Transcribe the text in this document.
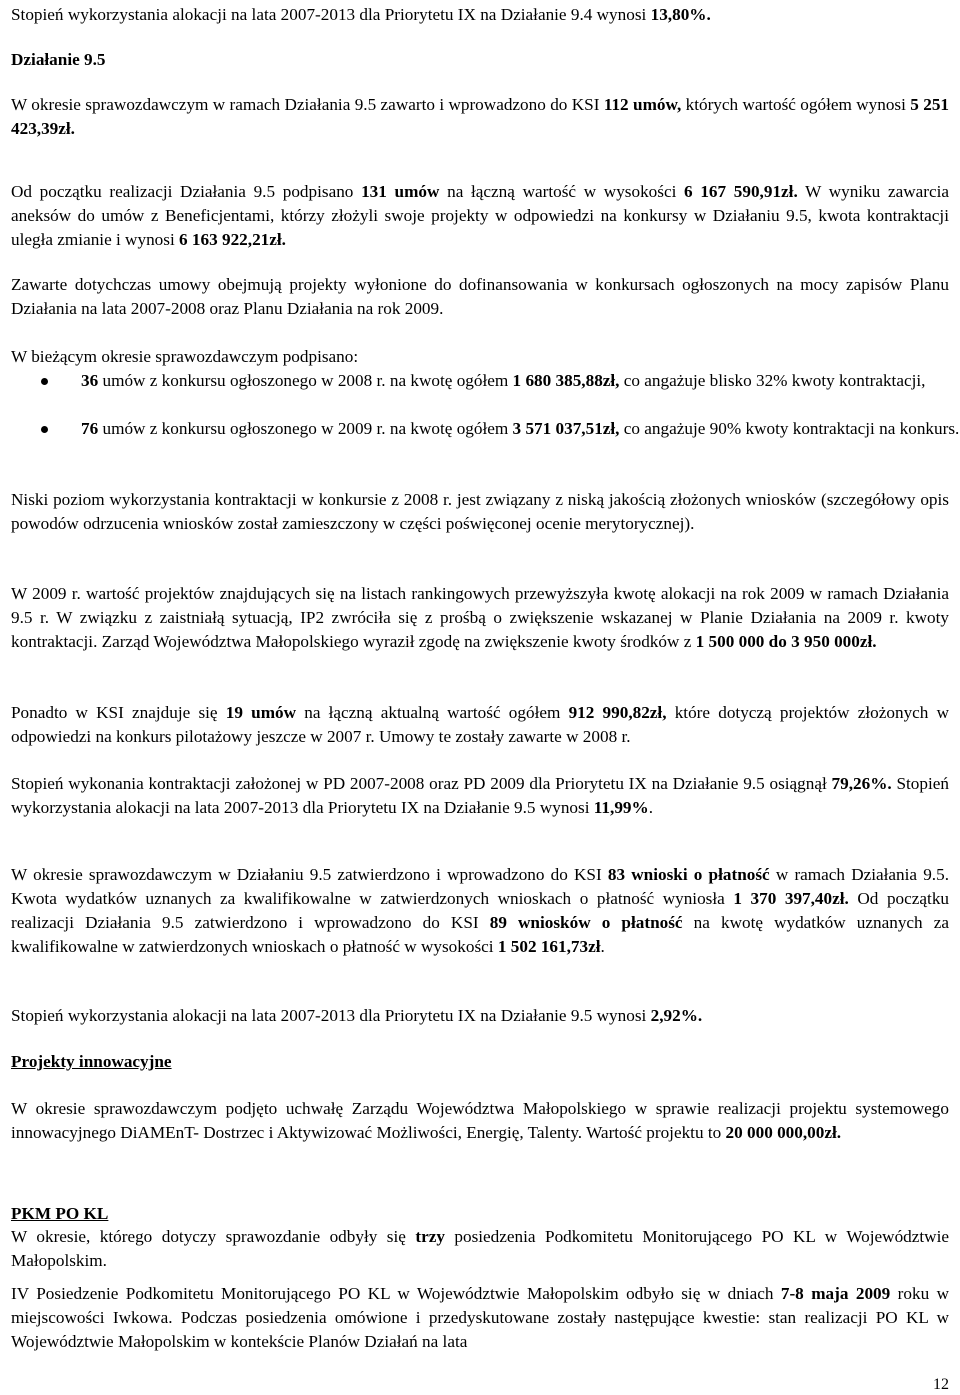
Stopień wykorzystania alokacji na lata 2007-2013 dla Priorytetu IX na Działanie 9.4 wynosi 13,80%.

Działanie 9.5

W okresie sprawozdawczym w ramach Działania 9.5 zawarto i wprowadzono do KSI 112 umów, których wartość ogółem wynosi 5 251 423,39zł.

Od początku realizacji Działania 9.5 podpisano 131 umów na łączną wartość w wysokości 6 167 590,91zł. W wyniku zawarcia aneksów do umów z Beneficjentami, którzy złożyli swoje projekty w odpowiedzi na konkursy w Działaniu 9.5, kwota kontraktacji uległa zmianie i wynosi 6 163 922,21zł.

Zawarte dotychczas umowy obejmują projekty wyłonione do dofinansowania w konkursach ogłoszonych na mocy zapisów Planu Działania na lata 2007-2008 oraz Planu Działania na rok 2009.

W bieżącym okresie sprawozdawczym podpisano:

36 umów z konkursu ogłoszonego w 2008 r. na kwotę ogółem 1 680 385,88zł, co angażuje blisko 32% kwoty kontraktacji,

76 umów z konkursu ogłoszonego w 2009 r. na kwotę ogółem 3 571 037,51zł, co angażuje 90% kwoty kontraktacji na konkurs.

Niski poziom wykorzystania kontraktacji w konkursie z 2008 r. jest związany z niską jakością złożonych wniosków (szczegółowy opis powodów odrzucenia wniosków został zamieszczony w części poświęconej ocenie merytorycznej).

W 2009 r. wartość projektów znajdujących się na listach rankingowych przewyższyła kwotę alokacji na rok 2009 w ramach Działania 9.5 r. W związku z zaistniałą sytuacją, IP2 zwróciła się z prośbą o zwiększenie wskazanej w Planie Działania na 2009 r. kwoty kontraktacji. Zarząd Województwa Małopolskiego wyraził zgodę na zwiększenie kwoty środków z 1 500 000 do 3 950 000zł.

Ponadto w KSI znajduje się 19 umów na łączną aktualną wartość ogółem 912 990,82zł, które dotyczą projektów złożonych w odpowiedzi na konkurs pilotażowy jeszcze w 2007 r. Umowy te zostały zawarte w 2008 r.

Stopień wykonania kontraktacji założonej w PD 2007-2008 oraz PD 2009 dla Priorytetu IX na Działanie 9.5 osiągnął 79,26%. Stopień wykorzystania alokacji na lata 2007-2013 dla Priorytetu IX na Działanie 9.5 wynosi 11,99%.

W okresie sprawozdawczym w Działaniu 9.5 zatwierdzono i wprowadzono do KSI 83 wnioski o płatność w ramach Działania 9.5. Kwota wydatków uznanych za kwalifikowalne w zatwierdzonych wnioskach o płatność wyniosła 1 370 397,40zł. Od początku realizacji Działania 9.5 zatwierdzono i wprowadzono do KSI 89 wniosków o płatność na kwotę wydatków uznanych za kwalifikowalne w zatwierdzonych wnioskach o płatność w wysokości 1 502 161,73zł.

Stopień wykorzystania alokacji na lata 2007-2013 dla Priorytetu IX na Działanie 9.5 wynosi 2,92%.

Projekty innowacyjne

W okresie sprawozdawczym podjęto uchwałę Zarządu Województwa Małopolskiego w sprawie realizacji projektu systemowego innowacyjnego DiAMEnT- Dostrzec i Aktywizować Możliwości, Energię, Talenty. Wartość projektu to 20 000 000,00zł.

PKM PO KL

W okresie, którego dotyczy sprawozdanie odbyły się trzy posiedzenia Podkomitetu Monitorującego PO KL w Województwie Małopolskim.

IV Posiedzenie Podkomitetu Monitorującego PO KL w Województwie Małopolskim odbyło się w dniach 7-8 maja 2009 roku w miejscowości Iwkowa. Podczas posiedzenia omówione i przedyskutowane zostały następujące kwestie: stan realizacji PO KL w Województwie Małopolskim w kontekście Planów Działań na lata

12
